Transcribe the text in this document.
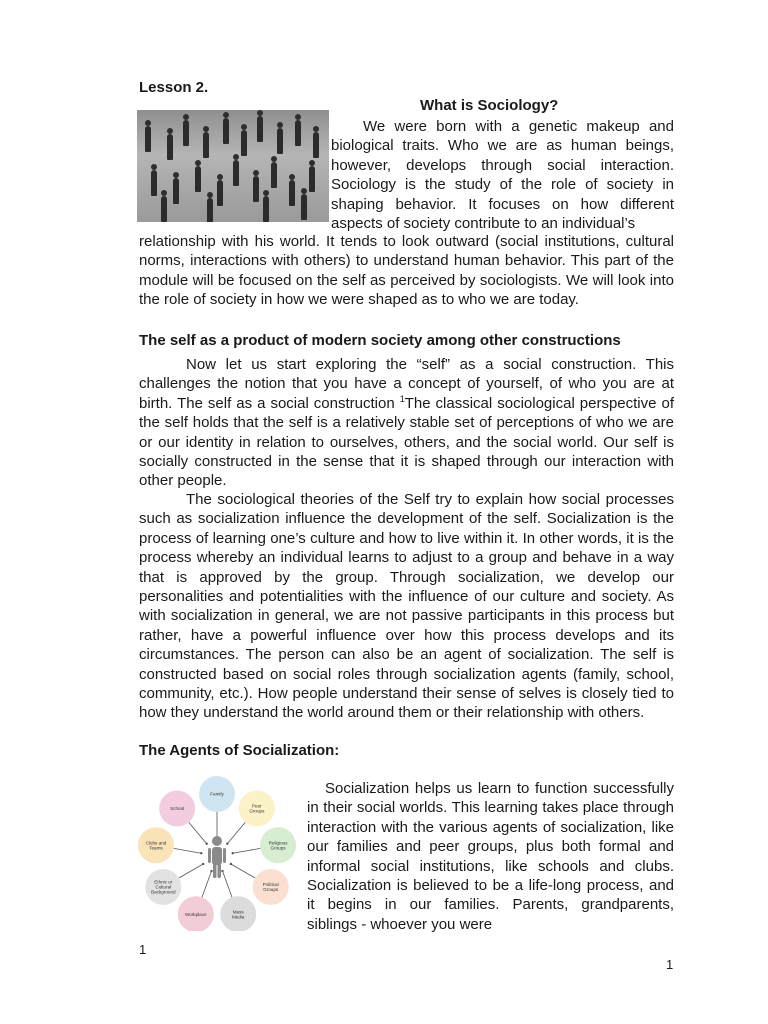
Lesson 2.
What is Sociology?

We were born with a genetic makeup and biological traits. Who we are as human beings, however, develops through social interaction. Sociology is the study of the role of society in shaping behavior. It focuses on how different aspects of society contribute to an individual’s

relationship with his world. It tends to look outward (social institutions, cultural norms, interactions with others) to understand human behavior. This part of the module will be focused on the self as perceived by sociologists. We will look into the role of society in how we were shaped as to who we are today.

The self as a product of modern society among other constructions

Now let us start exploring the “self” as a social construction. This challenges the notion that you have a concept of yourself, of who you are at birth. The self as a social construction $^1$The classical sociological perspective of the self holds that the self is a relatively stable set of perceptions of who we are or our identity in relation to ourselves, others, and the social world. Our self is socially constructed in the sense that it is shaped through our interaction with other people.

The sociological theories of the Self try to explain how social processes such as socialization influence the development of the self. Socialization is the process of learning one’s culture and how to live within it. In other words, it is the process whereby an individual learns to adjust to a group and behave in a way that is approved by the group. Through socialization, we develop our personalities and potentialities with the influence of our culture and society. As with socialization in general, we are not passive participants in this process but rather, have a powerful influence over how this process develops and its circumstances. The person can also be an agent of socialization. The self is constructed based on social roles through socialization agents (family, school, community, etc.). How people understand their sense of selves is closely tied to how they understand the world around them or their relationship with others.

The Agents of Socialization:
Family
Peer Groups
Religious Groups
Political Groups
Mass Media
Workplace
Ethnic or Cultural Background
Clubs and Teams
School

Socialization helps us learn to function successfully in their social worlds. This learning takes place through interaction with the various agents of socialization, like our families and peer groups, plus both formal and informal social institutions, like schools and clubs. Socialization is believed to be a life-long process, and it begins in our families. Parents, grandparents, siblings - whoever you were

1
1
